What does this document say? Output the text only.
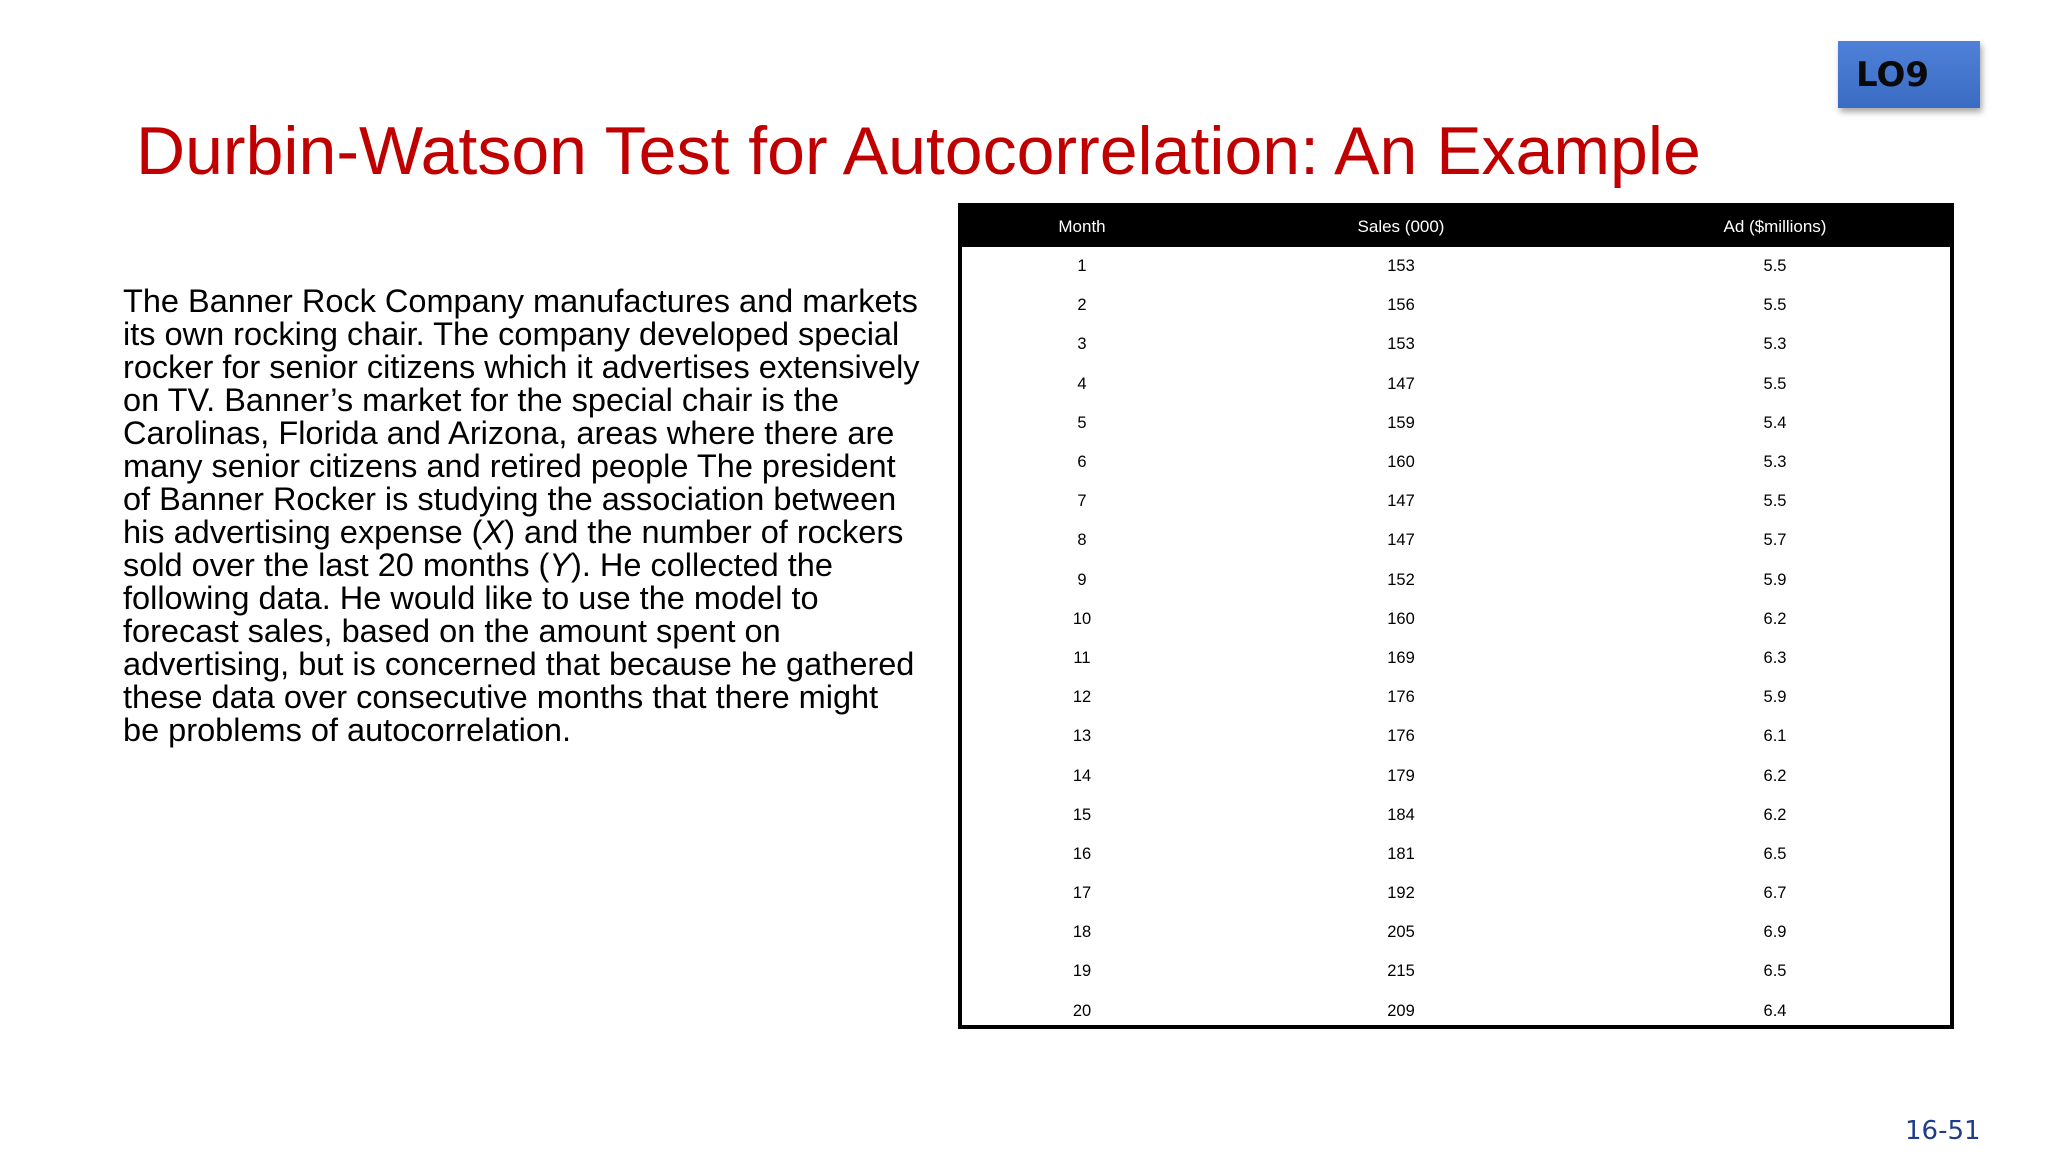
LO9
Durbin-Watson Test for Autocorrelation: An Example

The Banner Rock Company manufactures and markets its own rocking chair. The company developed special rocker for senior citizens which it advertises extensively on TV. Banner’s market for the special chair is the Carolinas, Florida and Arizona, areas where there are many senior citizens and retired people The president of Banner Rocker is studying the association between his advertising expense (X) and the number of rockers sold over the last 20 months (Y). He collected the following data. He would like to use the model to forecast sales, based on the amount spent on advertising, but is concerned that because he gathered these data over consecutive months that there might be problems of autocorrelation.

Month	Sales (000)	Ad ($millions)
1	153	5.5
2	156	5.5
3	153	5.3
4	147	5.5
5	159	5.4
6	160	5.3
7	147	5.5
8	147	5.7
9	152	5.9
10	160	6.2
11	169	6.3
12	176	5.9
13	176	6.1
14	179	6.2
15	184	6.2
16	181	6.5
17	192	6.7
18	205	6.9
19	215	6.5
20	209	6.4
16-51
